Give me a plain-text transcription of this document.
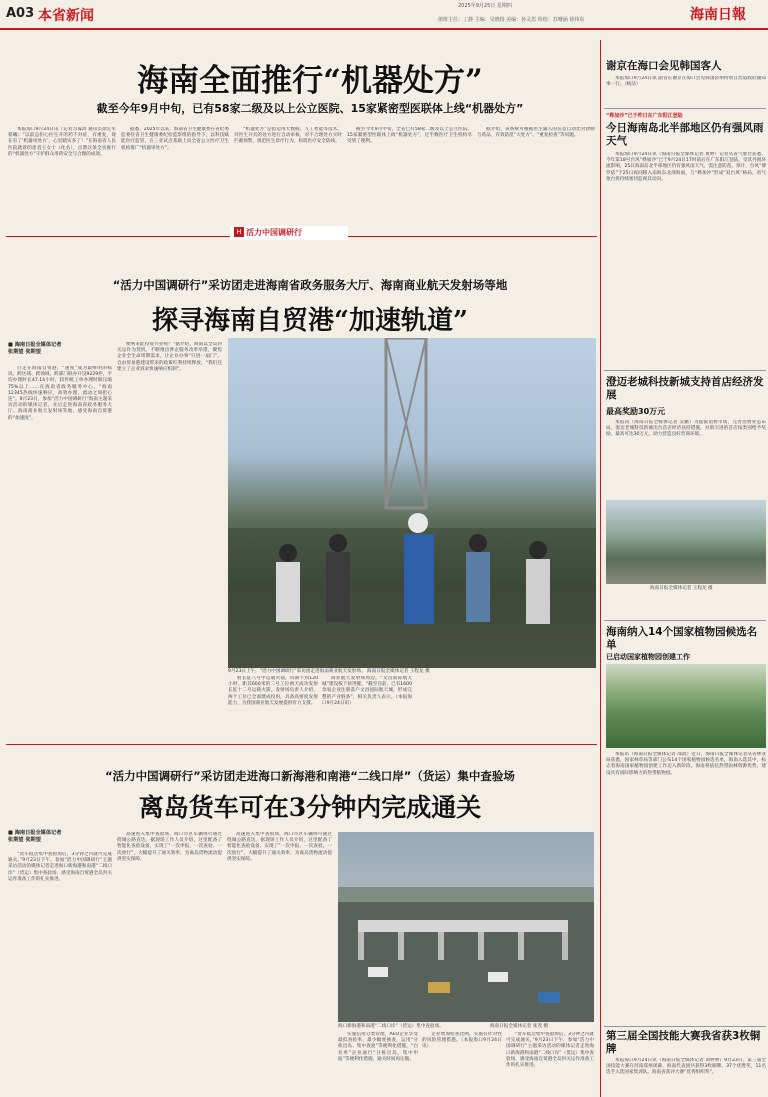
A03 本省新闻
2025年9月25日 星期四
值班主任：丁静 主编：吴晓扬 美编：孙灵思 检校：苏珊涵 徐伟东	海南日報
海南全面推行“机器处方”
截至今年9月中旬，已有58家二级及以上公立医院、15家紧密型医联体上线“机器处方”

本报海口9月24日讯（记者习霁鸿 通讯员徐定军 蔡曦）“以前总担心医生开的药不对症，有重复，现在有了‘机器审处方’，心里踏实多了！”在海南省人民医院就诊的患者王女士（化名），点赞这条全省推行的“机器处方”守护群众用药安全与合理的成效。

据悉，2025年以来，海南省卫生健康委在省纪委监委驻省卫生健康委纪检监察组的指导下，以科技赋能医疗监管，在三亚试点基础上向全省公立医疗卫生机构推广“机器审处方”。

“机器处方”是指运用大数据、人工智能等技术，对医生开具的处方进行自动审核，对不合理处方实时拦截预警，规范医生诊疗行为，构筑医疗安全防线。

截至今年9月中旬，全省已有58家二级及以上公立医院、15家紧密型医联体上线“机器处方”，过半数医疗卫生机构享受到了便利。

据介绍，该系统可根据医生输入的信息自动比对诊断与药品，有效防范“大处方”、“重复检查”等问题。

H 活力中国调研行
“活力中国调研行”采访团走进海南省政务服务大厅、海南商业航天发射场等地
探寻海南自贸港“加速轨道”
■ 海南日报全媒体记者
张期望 张期望

行走在海南自贸港，“速度”成为最鲜明的标识。跨区域、跨领域、跨部门联办开设9229件，平均办理时长47.14小时，较传统工单办理时限压缩75%以上……在海南省政务服务中心，“海南12345热线快速响应，高效办理，流动之间把心连”。9月23日，参加“活力中国调研行”海南主题采访活动的媒体记者，先后走进海南省政务服务大厅、海南商业航天发射场等地，感受海南自贸港的“加速度”。

便利来此投资兴业呢？”据介绍，海南以全岛封关运作为契机，不断推出涉企服务改革举措，聚焦企业全生命周期需求，让企业办事“只进一扇门”。自由贸易港建设带来的政策红利持续释放，“我们还建立了企业诉求快速响应机制”。

9月23日上午，“活力中国调研行”采访团走进海南商业航天发射场。 海南日报全媒体记者 王程龙 摄

射长征八号甲运载火箭，同期不到120小时，距其600米的二号工位两天成功发射长征十二号运载火箭。发射场负责人介绍，两个工位已全面建成投用，具备高密度发射能力，为我国商业航天发展提供有力支撑。

商业航天发射场周边，“文昌国际航天城”建设按下快进键。“截至目前，已有1600余家企业注册落户文昌国际航天城，形成完整的产业链条”，相关负责人表示。（本报海口9月24日讯）

“活力中国调研行”采访团走进海口新海港和南港“二线口岸”（货运）集中查验场
离岛货车可在3分钟内完成通关
■ 海南日报全媒体记者
张期望 张期望

“货车抵达集中查验场后，3分钟之内就可完成通关。”9月23日下午，参加“活力中国调研行”主题采访活动的媒体记者走进海口新海港和南港“二线口岸”（货运）集中查验场，感受海南自贸港全岛封关运作准备工作的扎实推进。

高速进入集中查验场，海口市区车辆则可通过绕城公路直达。据现场工作人员介绍，这里配备了智能化查验设备，实现了“一次申报、一次查验、一次放行”，大幅提升了通关效率，为离岛货物流动提供坚实保障。

高速进入集中查验场，海口市区车辆则可通过绕城公路直达。据现场工作人员介绍，这里配备了智能化查验设备，实现了“一次申报、一次查验、一次放行”，大幅提升了通关效率，为离岛货物流动提供坚实保障。

海口新海港和南港“二线口岸”（货运）集中查验场。	海南日报全媒体记者 张茂 摄

实施信用分类管理，AEO企业享受最低查验率，最少幅度抽查，运用“分拣出岛、集中查验”等便利化措施，“白名单”企业通行“分拣出岛，集中申报”等便利化措施，通关时间再压缩。

企业增加检查比例，实施有针对性的风险管理措施。（本报海口9月24日讯）

“货车抵达集中查验场后，3分钟之内就可完成通关。”9月23日下午，参加“活力中国调研行”主题采访活动的媒体记者走进海口新海港和南港“二线口岸”（货运）集中查验场，感受海南自贸港全岛封关运作准备工作的扎实推进。

谢京在海口会见韩国客人

本报海口9月24日讯 副省长谢京在海口会见韩国济州特别自治道政府副知事一行。（杨洁）

“桦加沙”已于昨日在广东阳江登陆
今日海南岛北半部地区仍有强风雨天气

本报海口9月24日讯（海南日报全媒体记者 黄婷）记者从省气象台获悉，今年第18号台风“桦加沙”已于9月24日17时前后在广东阳江登陆，受其外围环流影响，25日海南岛北半部地区仍有强风雨天气，需注意防范。预计，台风“博罗依”于25日夜间移入南海东北部海面，与“桦加沙”形成“双台风”格局，省气象台将持续密切监视其动向。

澄迈老城科技新城支持首店经济发展
最高奖励30万元

本报讯（海南日报全媒体记者 吴鹏）为提振消费市场，完善消费业态布局，澄迈老城科技新城出台首店经济扶持措施，对新引进的首店按类别给予奖励，最高可达30万元，助力营造良好营商环境。

海南日报全媒体记者 王程龙 摄
海南纳入14个国家植物园候选名单
已启动国家植物园创建工作

本报讯（海南日报全媒体记者 邵晨）近日，海南日报全媒体记者从省林业局获悉，国家林草局等部门公布14个国家植物园候选名单，海南入选其中，标志着海南国家植物园创建工作迈入新阶段。海南将依托热带雨林资源优势，建设具有国际影响力的热带植物园。

第三届全国技能大赛我省获3枚铜牌

本报海口9月24日讯（海南日报全媒体记者 刘婷婷）9月23日，第三届全国技能大赛在河南郑州闭幕，海南代表团共获得3枚铜牌、37个优胜奖，11名选手入选国家集训队。海南省获评大赛“优秀组织奖”。
